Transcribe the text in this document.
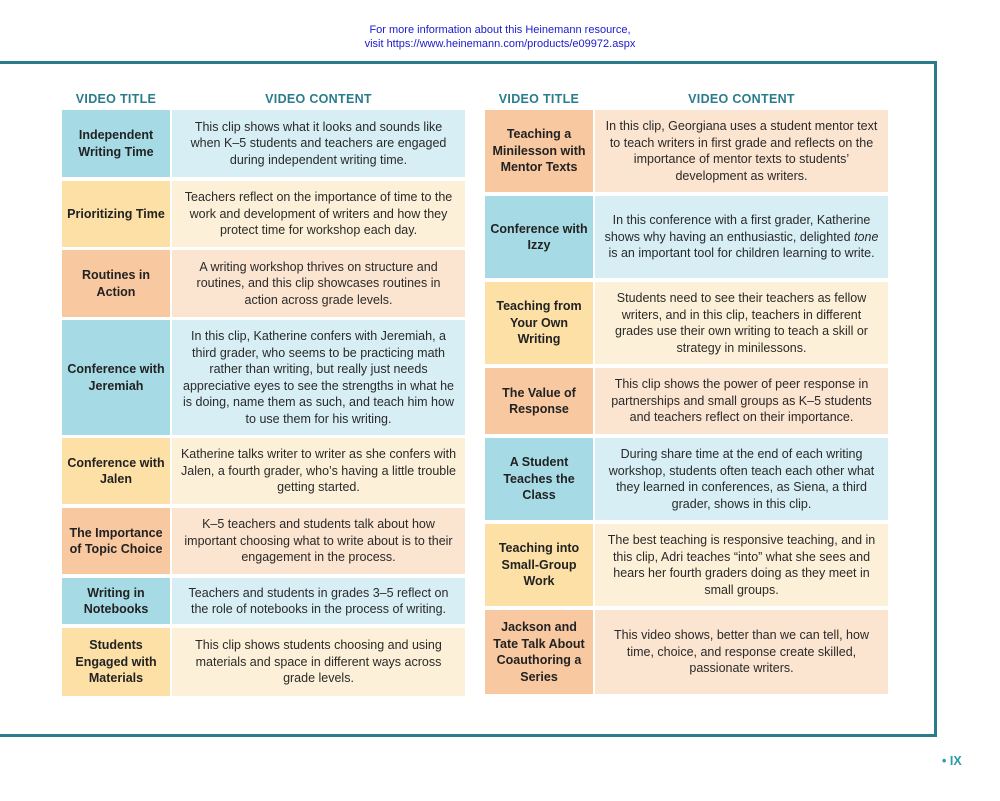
For more information about this Heinemann resource,
visit https://www.heinemann.com/products/e09972.aspx
VIDEO TITLE	VIDEO CONTENT
Independent Writing Time
This clip shows what it looks and sounds like when K–5 students and teachers are engaged during independent writing time.
Prioritizing Time
Teachers reflect on the importance of time to the work and development of writers and how they protect time for workshop each day.
Routines in Action
A writing workshop thrives on structure and routines, and this clip showcases routines in action across grade levels.
Conference with Jeremiah
In this clip, Katherine confers with Jeremiah, a third grader, who seems to be practicing math rather than writing, but really just needs appreciative eyes to see the strengths in what he is doing, name them as such, and teach him how to use them for his writing.
Conference with Jalen
Katherine talks writer to writer as she confers with Jalen, a fourth grader, who’s having a little trouble getting started.
The Importance of Topic Choice
K–5 teachers and students talk about how important choosing what to write about is to their engagement in the process.
Writing in Notebooks
Teachers and students in grades 3–5 reflect on the role of notebooks in the process of writing.
Students Engaged with Materials
This clip shows students choosing and using materials and space in different ways across grade levels.
VIDEO TITLE	VIDEO CONTENT
Teaching a Minilesson with Mentor Texts
In this clip, Georgiana uses a student mentor text to teach writers in first grade and reflects on the importance of mentor texts to students’ development as writers.
Conference with Izzy
In this conference with a first grader, Katherine shows why having an enthusiastic, delighted tone is an important tool for children learning to write.
Teaching from Your Own Writing
Students need to see their teachers as fellow writers, and in this clip, teachers in different grades use their own writing to teach a skill or strategy in minilessons.
The Value of Response
This clip shows the power of peer response in partnerships and small groups as K–5 students and teachers reflect on their importance.
A Student Teaches the Class
During share time at the end of each writing workshop, students often teach each other what they learned in conferences, as Siena, a third grader, shows in this clip.
Teaching into Small-Group Work
The best teaching is responsive teaching, and in this clip, Adri teaches “into” what she sees and hears her fourth graders doing as they meet in small groups.
Jackson and Tate Talk About Coauthoring a Series
This video shows, better than we can tell, how time, choice, and response create skilled, passionate writers.
• IX
